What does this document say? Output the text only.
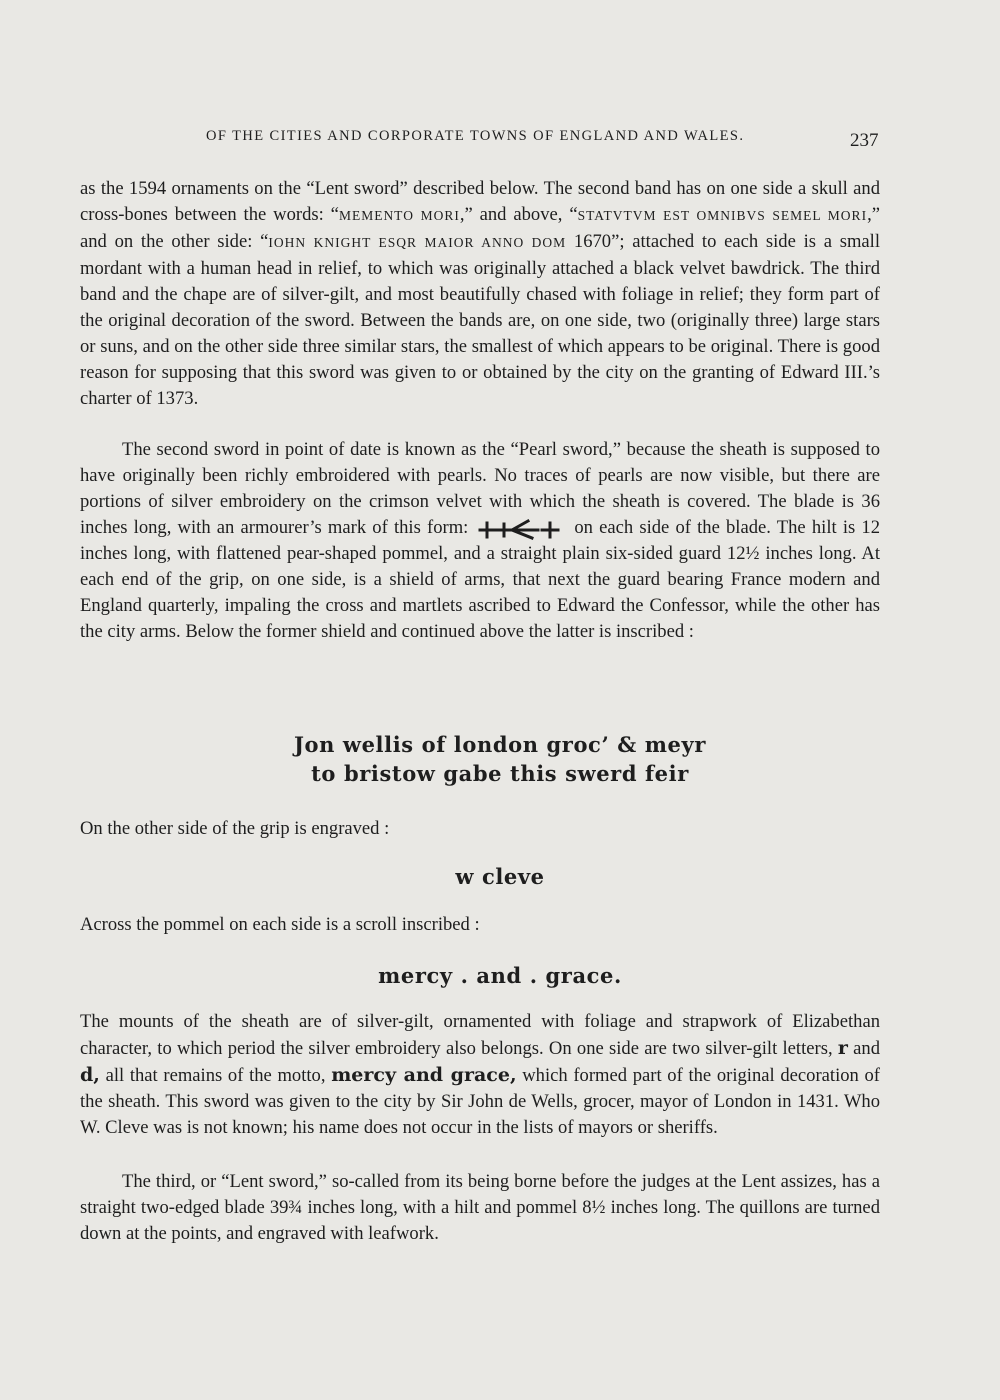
OF THE CITIES AND CORPORATE TOWNS OF ENGLAND AND WALES.	237

as the 1594 ornaments on the “Lent sword” described below. The second band has on one side a skull and cross-bones between the words: “MEMENTO MORI,” and above, “STATVTVM EST OMNIBVS SEMEL MORI,” and on the other side: “IOHN KNIGHT ESQR MAIOR ANNO DOM 1670”; attached to each side is a small mordant with a human head in relief, to which was originally attached a black velvet bawdrick. The third band and the chape are of silver-gilt, and most beautifully chased with foliage in relief; they form part of the original decoration of the sword. Between the bands are, on one side, two (originally three) large stars or suns, and on the other side three similar stars, the smallest of which appears to be original. There is good reason for supposing that this sword was given to or obtained by the city on the granting of Edward III.’s charter of 1373.

The second sword in point of date is known as the “Pearl sword,” because the sheath is supposed to have originally been richly embroidered with pearls. No traces of pearls are now visible, but there are portions of silver embroidery on the crimson velvet with which the sheath is covered. The blade is 36 inches long, with an armourer’s mark of this form:	on each side of the blade. The hilt is 12 inches long, with flattened pear-shaped pommel, and a straight plain six-sided guard 12½ inches long. At each end of the grip, on one side, is a shield of arms, that next the guard bearing France modern and England quarterly, impaling the cross and martlets ascribed to Edward the Confessor, while the other has the city arms. Below the former shield and continued above the latter is inscribed :

Jon wellis of london groc’ & meyr

to bristow gabe this swerd feir

On the other side of the grip is engraved :

w cleve

Across the pommel on each side is a scroll inscribed :

mercy . and . grace.

The mounts of the sheath are of silver-gilt, ornamented with foliage and strapwork of Elizabethan character, to which period the silver embroidery also belongs. On one side are two silver-gilt letters, r and d, all that remains of the motto, mercy and grace, which formed part of the original decoration of the sheath. This sword was given to the city by Sir John de Wells, grocer, mayor of London in 1431. Who W. Cleve was is not known; his name does not occur in the lists of mayors or sheriffs.

The third, or “Lent sword,” so-called from its being borne before the judges at the Lent assizes, has a straight two-edged blade 39¾ inches long, with a hilt and pommel 8½ inches long. The quillons are turned down at the points, and engraved with leafwork.
